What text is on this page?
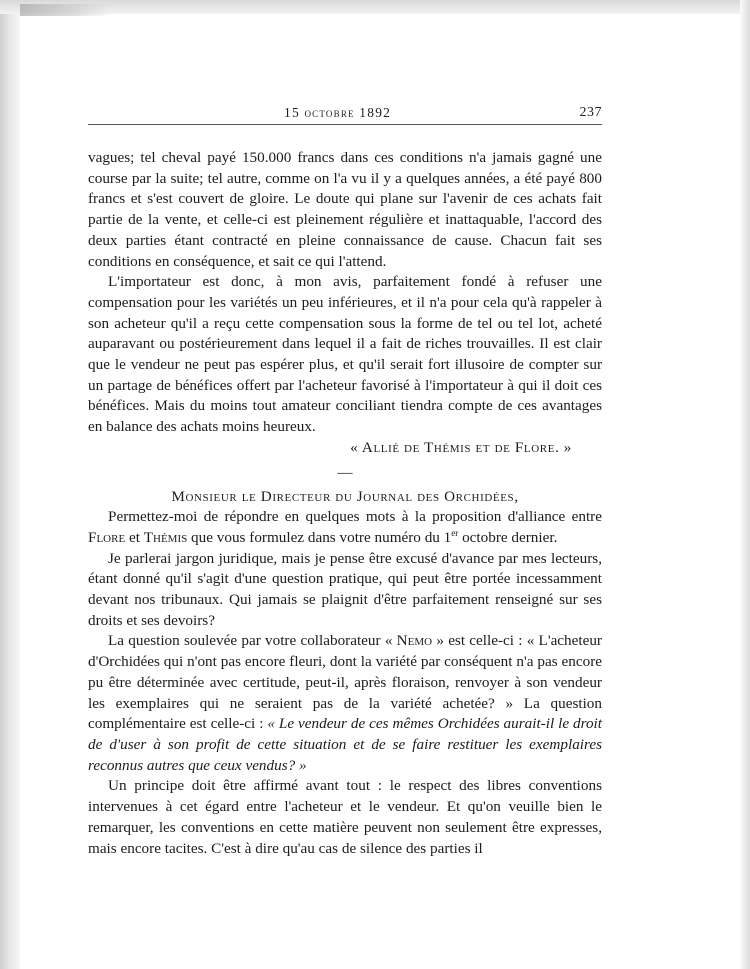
15 octobre 1892	237

vagues; tel cheval payé 150.000 francs dans ces conditions n'a jamais gagné une course par la suite; tel autre, comme on l'a vu il y a quelques années, a été payé 800 francs et s'est couvert de gloire. Le doute qui plane sur l'avenir de ces achats fait partie de la vente, et celle-ci est pleinement régulière et inattaquable, l'accord des deux parties étant contracté en pleine connaissance de cause. Chacun fait ses conditions en conséquence, et sait ce qui l'attend.

L'importateur est donc, à mon avis, parfaitement fondé à refuser une compensation pour les variétés un peu inférieures, et il n'a pour cela qu'à rappeler à son acheteur qu'il a reçu cette compensation sous la forme de tel ou tel lot, acheté auparavant ou postérieurement dans lequel il a fait de riches trouvailles. Il est clair que le vendeur ne peut pas espérer plus, et qu'il serait fort illusoire de compter sur un partage de bénéfices offert par l'acheteur favorisé à l'importateur à qui il doit ces bénéfices. Mais du moins tout amateur conciliant tiendra compte de ces avantages en balance des achats moins heureux.

« Allié de Thémis et de Flore. »

—

Monsieur le Directeur du Journal des Orchidées,

Permettez-moi de répondre en quelques mots à la proposition d'alliance entre Flore et Thémis que vous formulez dans votre numéro du 1er octobre dernier.

Je parlerai jargon juridique, mais je pense être excusé d'avance par mes lecteurs, étant donné qu'il s'agit d'une question pratique, qui peut être portée incessamment devant nos tribunaux. Qui jamais se plaignit d'être parfaitement renseigné sur ses droits et ses devoirs?

La question soulevée par votre collaborateur « Nemo » est celle-ci : « L'acheteur d'Orchidées qui n'ont pas encore fleuri, dont la variété par conséquent n'a pas encore pu être déterminée avec certitude, peut-il, après floraison, renvoyer à son vendeur les exemplaires qui ne seraient pas de la variété achetée? » La question complémentaire est celle-ci : « Le vendeur de ces mêmes Orchidées aurait-il le droit de d'user à son profit de cette situation et de se faire restituer les exemplaires reconnus autres que ceux vendus? »

Un principe doit être affirmé avant tout : le respect des libres conventions intervenues à cet égard entre l'acheteur et le vendeur. Et qu'on veuille bien le remarquer, les conventions en cette matière peuvent non seulement être expresses, mais encore tacites. C'est à dire qu'au cas de silence des parties il
